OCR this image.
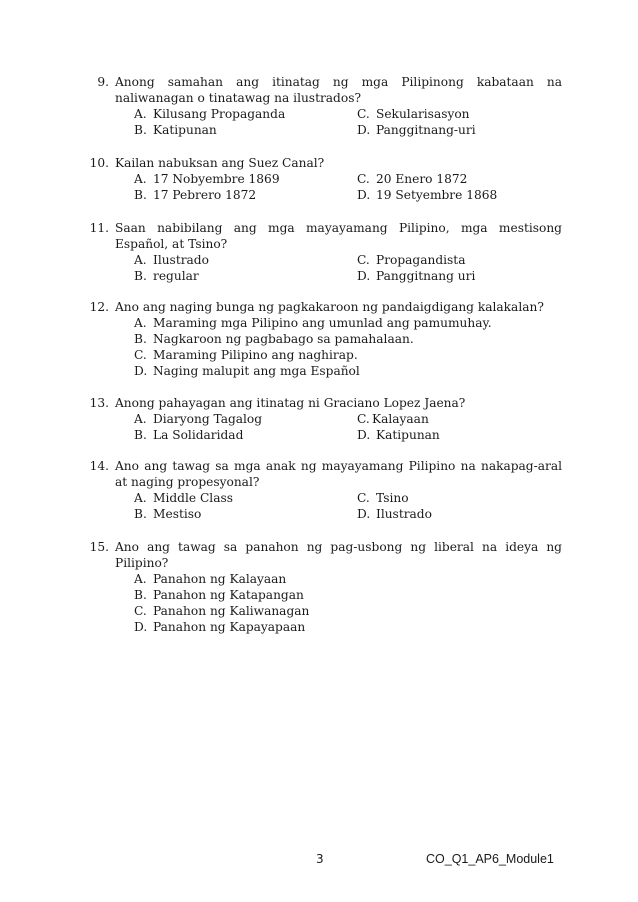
9. Anong samahan ang itinatag ng mga Pilipinong kabataan na naliwanagan o tinatawag na ilustrados?
A. Kilusang Propaganda	C. Sekularisasyon
B. Katipunan	D. Panggitnang-uri
10. Kailan nabuksan ang Suez Canal?
A. 17 Nobyembre 1869	C. 20 Enero 1872
B. 17 Pebrero 1872	D. 19 Setyembre 1868
11. Saan nabibilang ang mga mayayamang Pilipino, mga mestisong Español, at Tsino?
A. Ilustrado	C. Propagandista
B. regular	D. Panggitnang uri
12. Ano ang naging bunga ng pagkakaroon ng pandaigdigang kalakalan?
A. Maraming mga Pilipino ang umunlad ang pamumuhay.
B. Nagkaroon ng pagbabago sa pamahalaan.
C. Maraming Pilipino ang naghirap.
D. Naging malupit ang mga Español
13. Anong pahayagan ang itinatag ni Graciano Lopez Jaena?
A. Diaryong Tagalog	C. Kalayaan
B. La Solidaridad	D. Katipunan
14. Ano ang tawag sa mga anak ng mayayamang Pilipino na nakapag-aral at naging propesyonal?
A. Middle Class	C. Tsino
B. Mestiso	D. Ilustrado
15. Ano ang tawag sa panahon ng pag-usbong ng liberal na ideya ng Pilipino?
A. Panahon ng Kalayaan
B. Panahon ng Katapangan
C. Panahon ng Kaliwanagan
D. Panahon ng Kapayapaan
3	CO_Q1_AP6_Module1
